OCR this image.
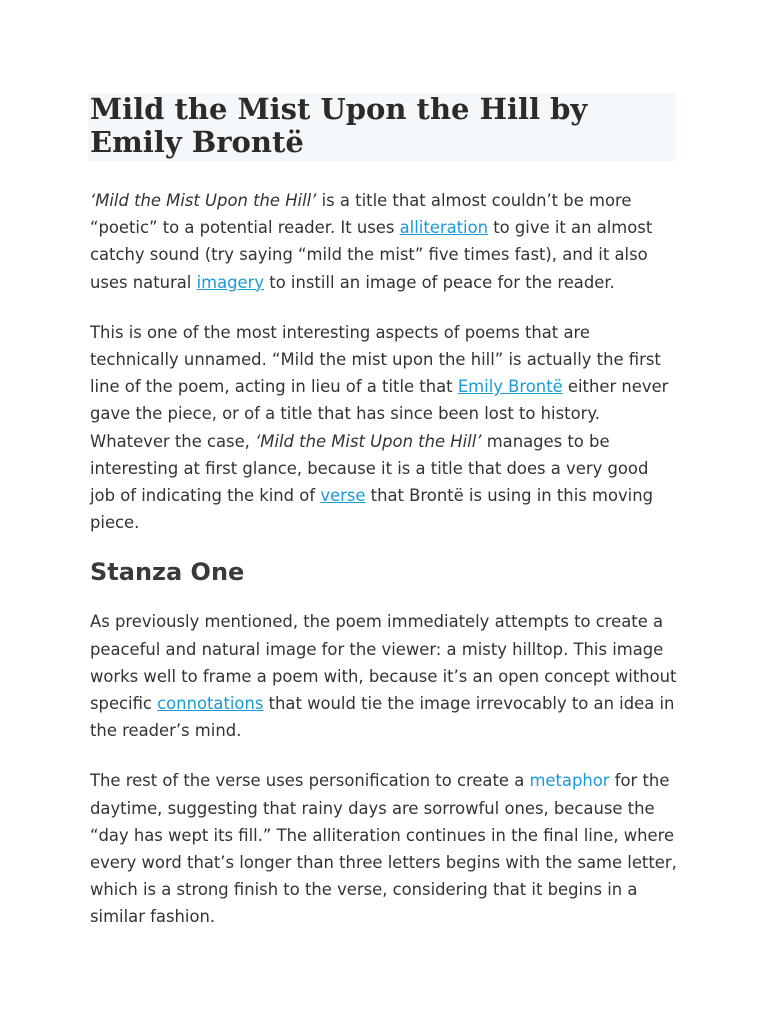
Mild the Mist Upon the Hill by Emily Brontë

‘Mild the Mist Upon the Hill’ is a title that almost couldn’t be more “poetic” to a potential reader. It uses alliteration to give it an almost catchy sound (try saying “mild the mist” five times fast), and it also uses natural imagery to instill an image of peace for the reader.

This is one of the most interesting aspects of poems that are technically unnamed. “Mild the mist upon the hill” is actually the first line of the poem, acting in lieu of a title that Emily Brontë either never gave the piece, or of a title that has since been lost to history. Whatever the case, ‘Mild the Mist Upon the Hill’ manages to be interesting at first glance, because it is a title that does a very good job of indicating the kind of verse that Brontë is using in this moving piece.

Stanza One

As previously mentioned, the poem immediately attempts to create a peaceful and natural image for the viewer: a misty hilltop. This image works well to frame a poem with, because it’s an open concept without specific connotations that would tie the image irrevocably to an idea in the reader’s mind.

The rest of the verse uses personification to create a metaphor for the daytime, suggesting that rainy days are sorrowful ones, because the “day has wept its fill.” The alliteration continues in the final line, where every word that’s longer than three letters begins with the same letter, which is a strong finish to the verse, considering that it begins in a similar fashion.
